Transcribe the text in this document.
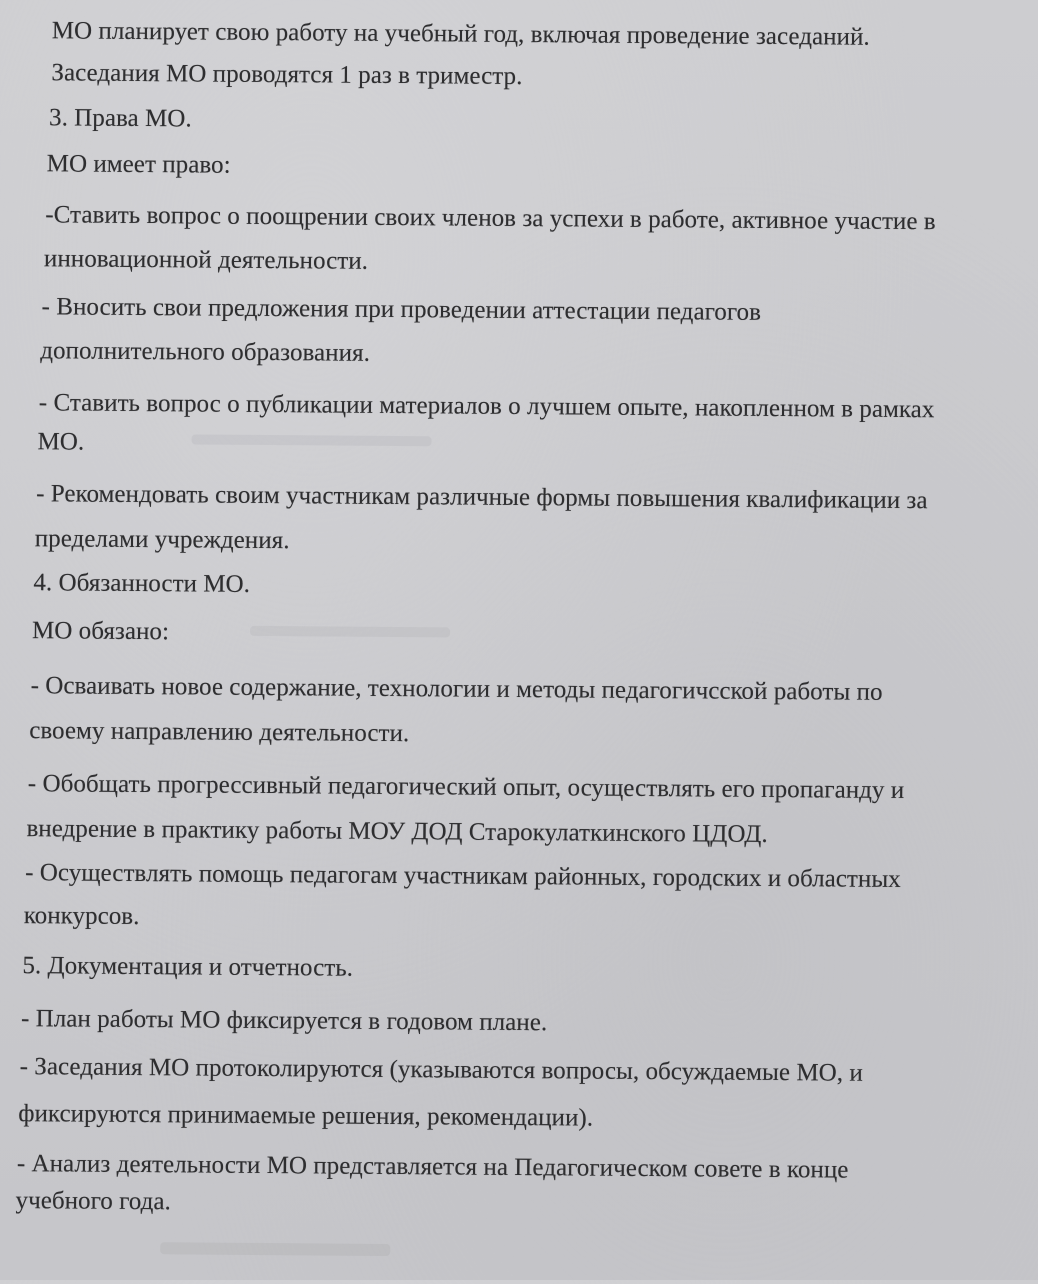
МО планирует свою работу на учебный год, включая проведение заседаний.
Заседания МО проводятся 1 раз в триместр.
3. Права МО.
МО имеет право:
-Ставить вопрос о поощрении своих членов за успехи в работе, активное участие в
инновационной деятельности.
- Вносить свои предложения при проведении аттестации педагогов
дополнительного образования.
- Ставить вопрос о публикации материалов о лучшем опыте, накопленном в рамках
МО.
- Рекомендовать своим участникам различные формы повышения квалификации за
пределами учреждения.
4. Обязанности МО.
МО обязано:
- Осваивать новое содержание, технологии и методы педагогичсской работы по
своему направлению деятельности.
- Обобщать прогрессивный педагогический опыт, осуществлять его пропаганду и
внедрение в практику работы МОУ ДОД Старокулаткинского ЦДОД.
- Осуществлять помощь педагогам участникам районных, городских и областных
конкурсов.
5. Документация и отчетность.
- План работы МО фиксируется в годовом плане.
- Заседания МО протоколируются (указываются вопросы, обсуждаемые МО, и
фиксируются принимаемые решения, рекомендации).
- Анализ деятельности МО представляется на Педагогическом совете в конце
учебного года.
